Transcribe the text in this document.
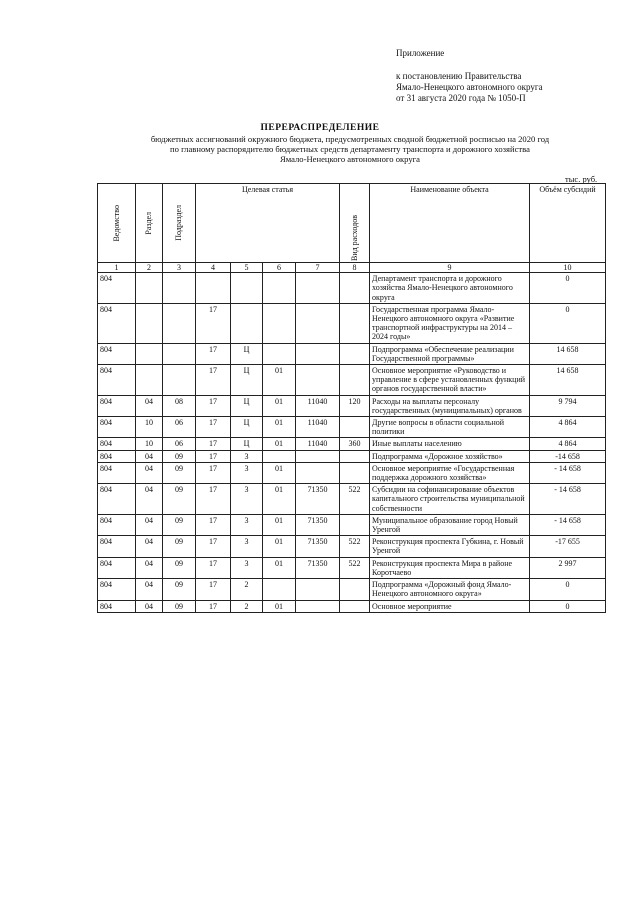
Приложение
к постановлению Правительства
Ямало-Ненецкого автономного округа
от 31 августа 2020 года № 1050-П
ПЕРЕРАСПРЕДЕЛЕНИЕ
бюджетных ассигнований окружного бюджета, предусмотренных сводной бюджетной росписью на 2020 год
по главному распорядителю бюджетных средств департаменту транспорта и дорожного хозяйства
Ямало-Ненецкого автономного округа
тыс. руб.
Ведомство	Раздел	Подраздел	Целевая статья				Вид расходов	Наименование объекта	Объём субсидий
1	2	3	4	5	6	7	8	9	10
804								Департамент транспорта и дорожного хозяйства Ямало-Ненецкого автономного округа	0
804			17					Государственная программа Ямало-Ненецкого автономного округа «Развитие транспортной инфраструктуры на 2014 – 2024 годы»	0
804			17	Ц				Подпрограмма «Обеспечение реализации Государственной программы»	14 658
804			17	Ц	01			Основное мероприятие «Руководство и управление в сфере установленных функций органов государственной власти»	14 658
804	04	08	17	Ц	01	11040	120	Расходы на выплаты персоналу государственных (муниципальных) органов	9 794
804	10	06	17	Ц	01	11040		Другие вопросы в области социальной политики	4 864
804	10	06	17	Ц	01	11040	360	Иные выплаты населению	4 864
804	04	09	17	3				Подпрограмма «Дорожное хозяйство»	-14 658
804	04	09	17	3	01			Основное мероприятие «Государственная поддержка дорожного хозяйства»	- 14 658
804	04	09	17	3	01	71350	522	Субсидии на софинансирование объектов капитального строительства муниципальной собственности	- 14 658
804	04	09	17	3	01	71350		Муниципальное образование город Новый Уренгой	- 14 658
804	04	09	17	3	01	71350	522	Реконструкция проспекта Губкина, г. Новый Уренгой	-17 655
804	04	09	17	3	01	71350	522	Реконструкция проспекта Мира в районе Коротчаево	2 997
804	04	09	17	2				Подпрограмма «Дорожный фонд Ямало-Ненецкого автономного округа»	0
804	04	09	17	2	01			Основное мероприятие	0
